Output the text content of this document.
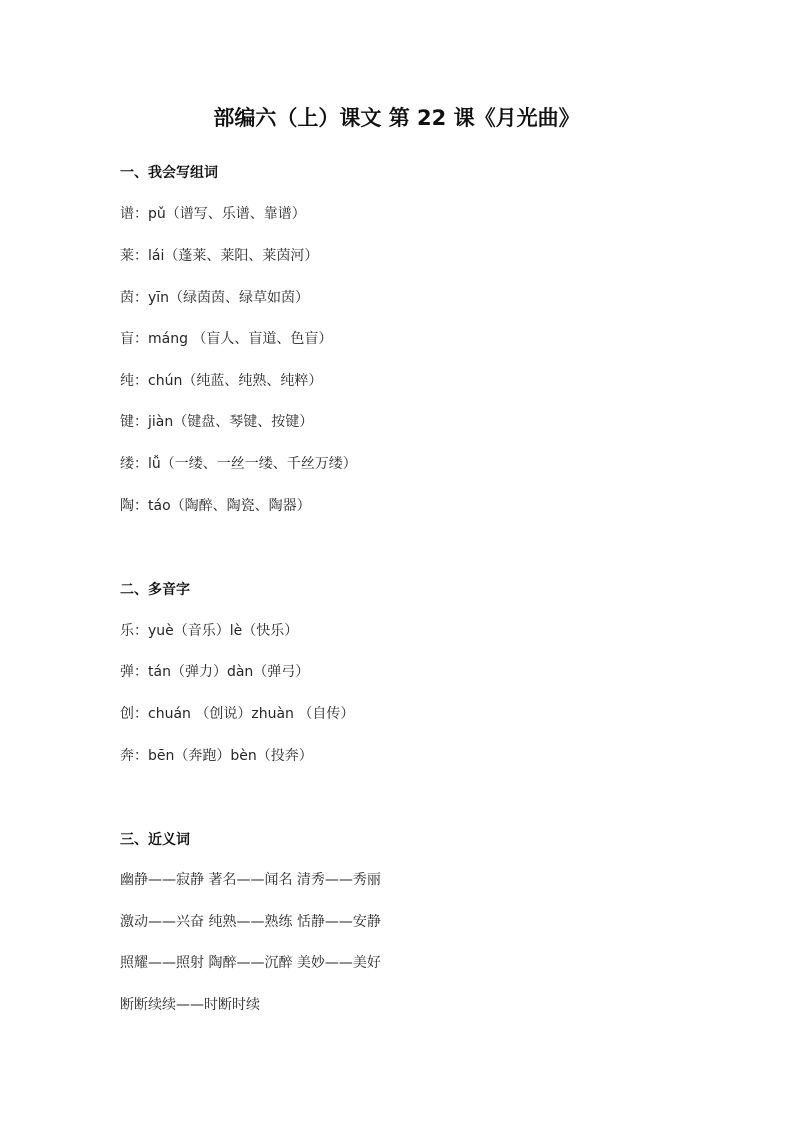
部编六（上）课文 第 22 课《月光曲》
一、我会写组词
谱：pǔ（谱写、乐谱、靠谱）
莱：lái（蓬莱、莱阳、莱茵河）
茵：yīn（绿茵茵、绿草如茵）
盲：máng （盲人、盲道、色盲）
纯：chún（纯蓝、纯熟、纯粹）
键：jiàn（键盘、琴键、按键）
缕：lǚ（一缕、一丝一缕、千丝万缕）
陶：táo（陶醉、陶瓷、陶器）
二、多音字
乐：yuè（音乐）lè（快乐）
弹：tán（弹力）dàn（弹弓）
创：chuán （创说）zhuàn （自传）
奔：bēn（奔跑）bèn（投奔）
三、近义词
幽静——寂静 著名——闻名 清秀——秀丽
激动——兴奋 纯熟——熟练 恬静——安静
照耀——照射 陶醉——沉醉 美妙——美好
断断续续——时断时续
